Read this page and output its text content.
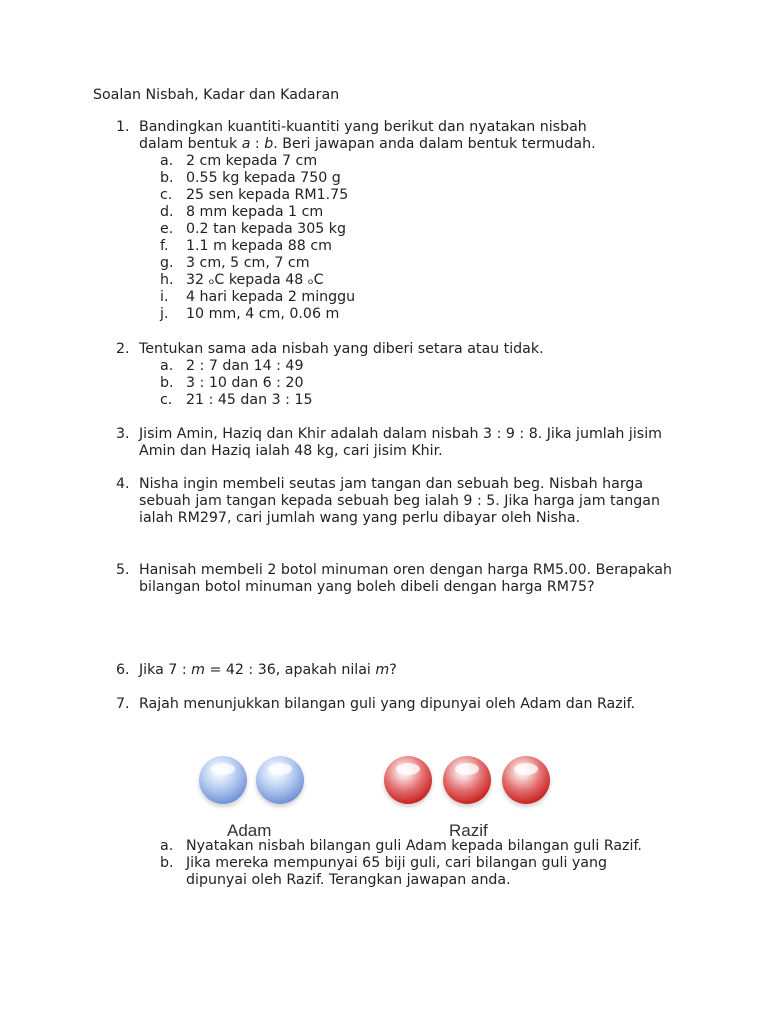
Soalan Nisbah, Kadar dan Kadaran
1. Bandingkan kuantiti-kuantiti yang berikut dan nyatakan nisbah
dalam bentuk a : b. Beri jawapan anda dalam bentuk termudah.
a. 2 cm kepada 7 cm
b. 0.55 kg kepada 750 g
c. 25 sen kepada RM1.75
d. 8 mm kepada 1 cm
e. 0.2 tan kepada 305 kg
f. 1.1 m kepada 88 cm
g. 3 cm, 5 cm, 7 cm
h. 32 ₒC kepada 48 ₒC
i. 4 hari kepada 2 minggu
j. 10 mm, 4 cm, 0.06 m
2. Tentukan sama ada nisbah yang diberi setara atau tidak.
a. 2 : 7 dan 14 : 49
b. 3 : 10 dan 6 : 20
c. 21 : 45 dan 3 : 15
3. Jisim Amin, Haziq dan Khir adalah dalam nisbah 3 : 9 : 8. Jika jumlah jisim Amin dan Haziq ialah 48 kg, cari jisim Khir.
4. Nisha ingin membeli seutas jam tangan dan sebuah beg. Nisbah harga sebuah jam tangan kepada sebuah beg ialah 9 : 5. Jika harga jam tangan ialah RM297, cari jumlah wang yang perlu dibayar oleh Nisha.
5. Hanisah membeli 2 botol minuman oren dengan harga RM5.00. Berapakah bilangan botol minuman yang boleh dibeli dengan harga RM75?
6. Jika 7 : m = 42 : 36, apakah nilai m?
7. Rajah menunjukkan bilangan guli yang dipunyai oleh Adam dan Razif.
Adam	Razif
a. Nyatakan nisbah bilangan guli Adam kepada bilangan guli Razif.
b. Jika mereka mempunyai 65 biji guli, cari bilangan guli yang dipunyai oleh Razif. Terangkan jawapan anda.
